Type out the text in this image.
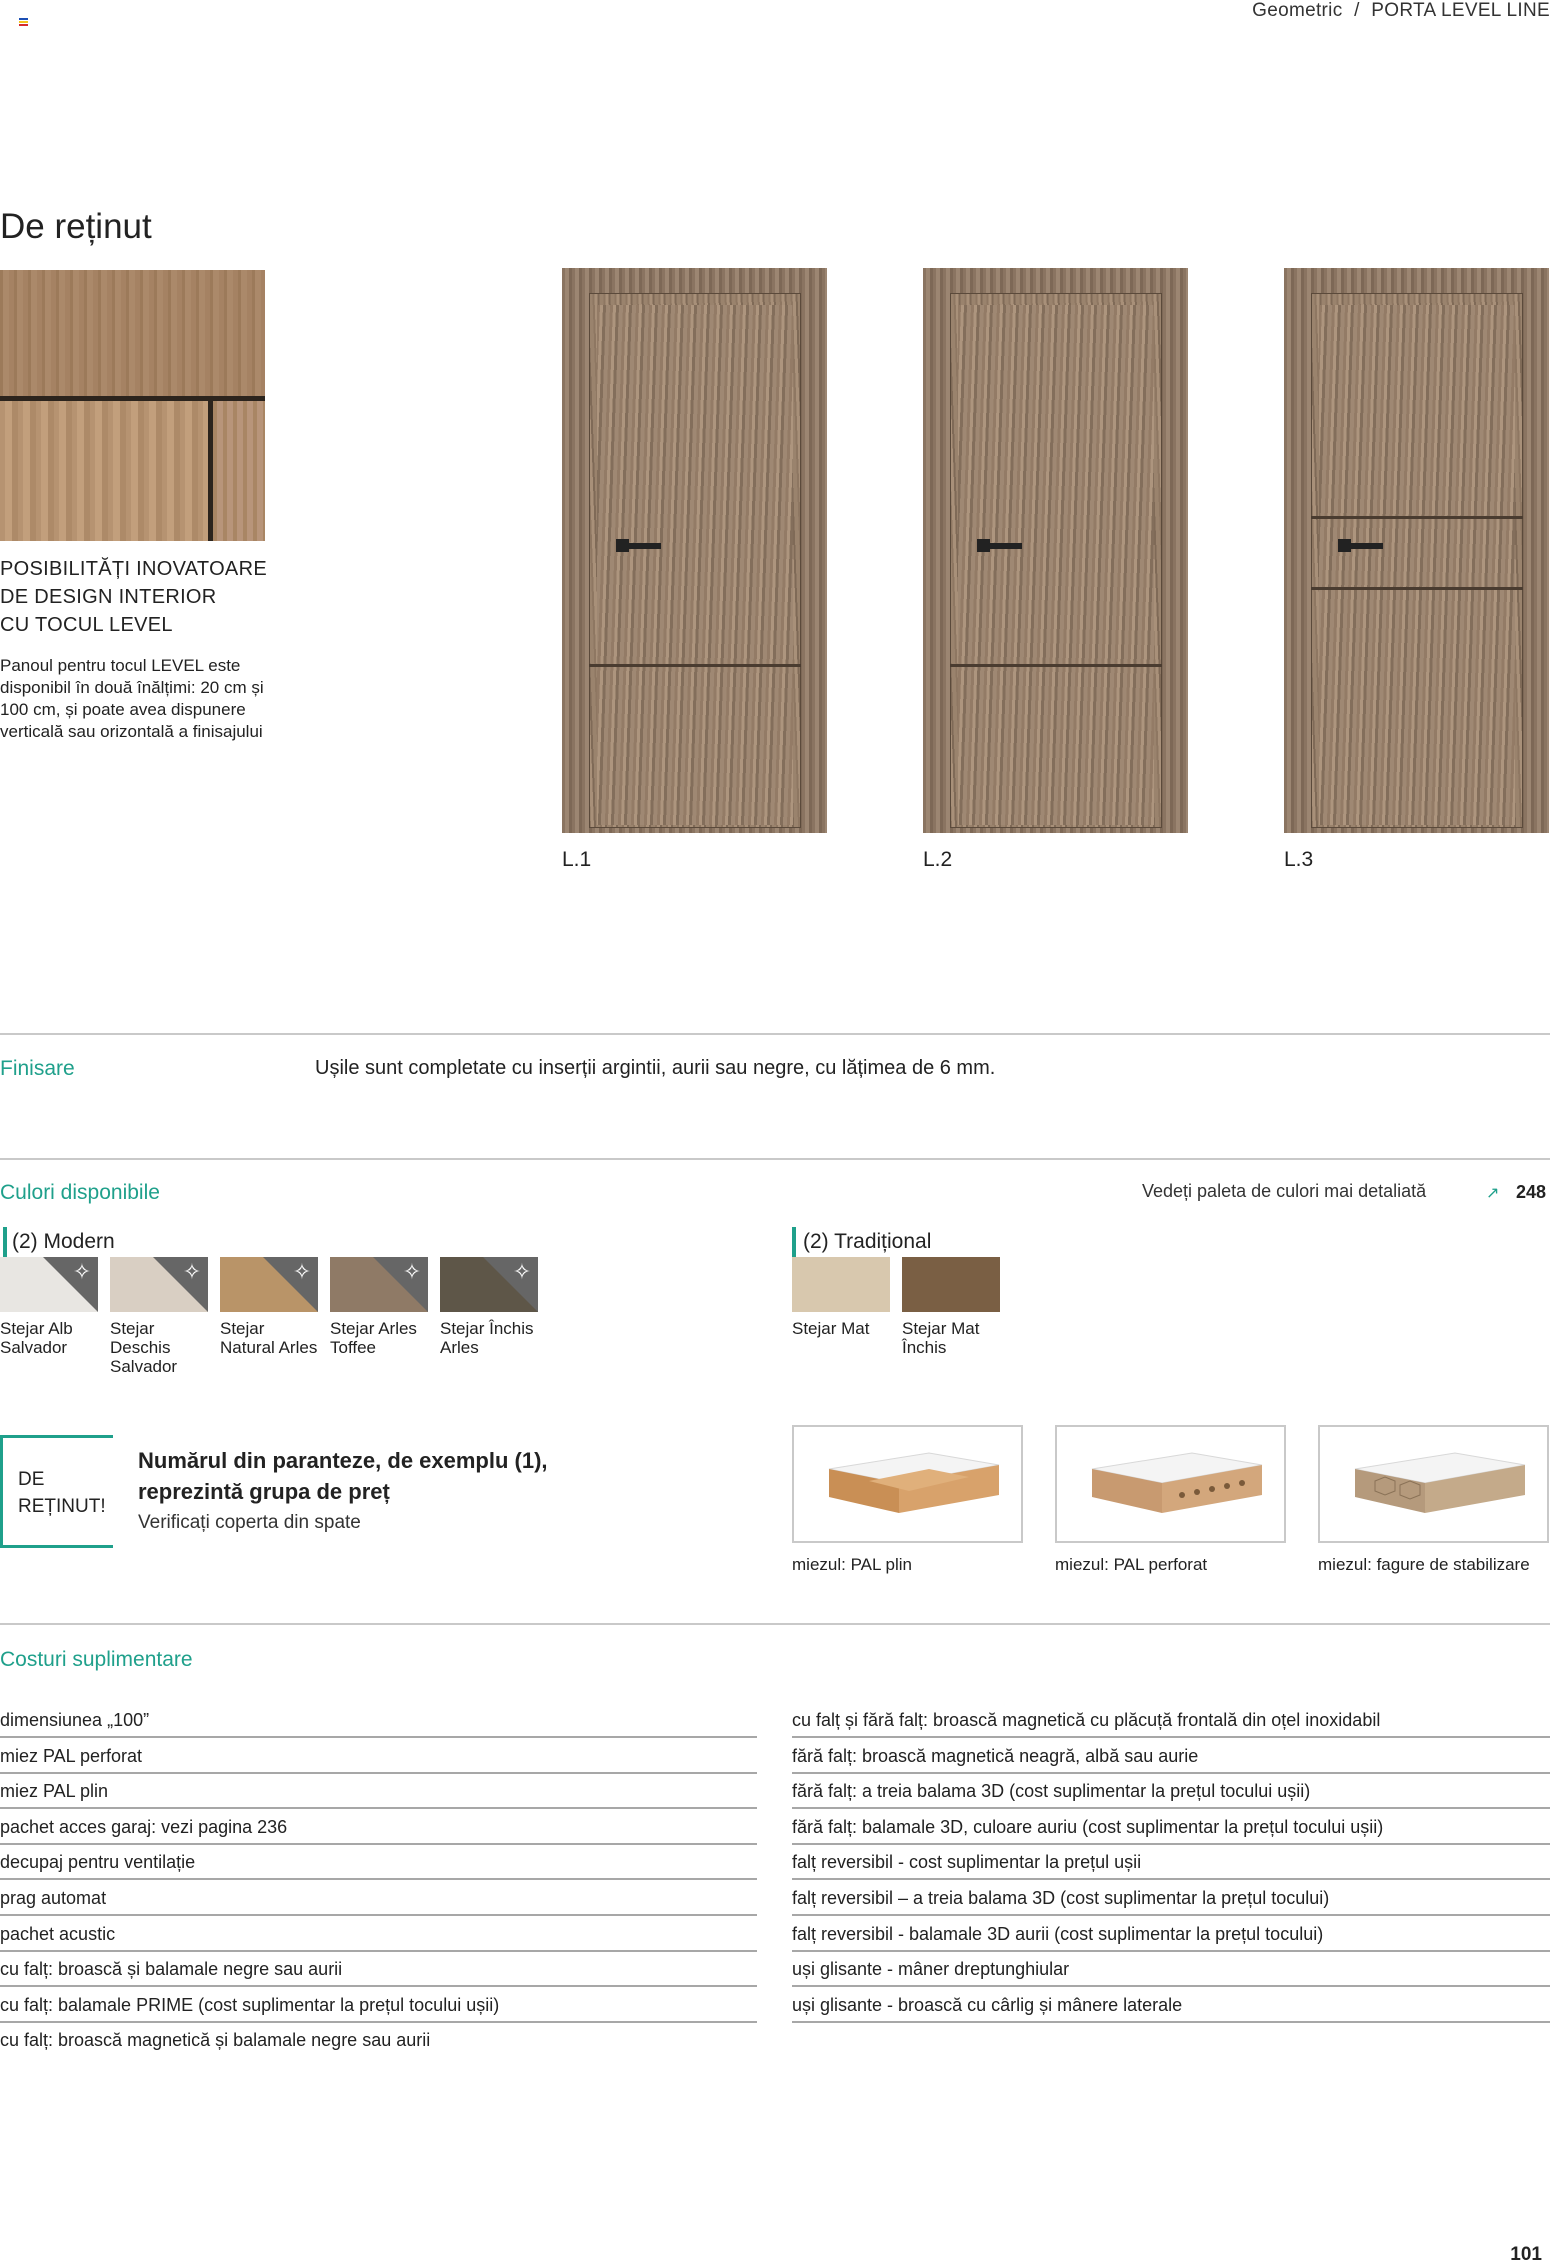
Geometric / PORTA LEVEL LINE
De reținut
POSIBILITĂȚI INOVATOARE
DE DESIGN INTERIOR
CU TOCUL LEVEL
Panoul pentru tocul LEVEL este disponibil în două înălțimi: 20 cm și 100 cm, și poate avea dispunere verticală sau orizontală a finisajului
L.1	L.2	L.3
Finisare	Ușile sunt completate cu inserții argintii, aurii sau negre, cu lățimea de 6 mm.
Culori disponibile	Vedeți paleta de culori mai detaliată	↗ 248
(2) Modern	(2) Tradițional
✧
Stejar Alb Salvador
✧
Stejar Deschis Salvador
✧
Stejar Natural Arles
✧
Stejar Arles Toffee
✧
Stejar Închis Arles
Stejar Mat	Stejar Mat Închis
DE
REȚINUT!
Numărul din paranteze, de exemplu (1),
reprezintă grupa de preț
Verificați coperta din spate
miezul: PAL plin	miezul: PAL perforat	miezul: fagure de stabilizare
Costuri suplimentare
dimensiunea „100”
miez PAL perforat
miez PAL plin
pachet acces garaj: vezi pagina 236
decupaj pentru ventilație
prag automat
pachet acustic
cu falț: broască și balamale negre sau aurii
cu falț: balamale PRIME (cost suplimentar la prețul tocului ușii)
cu falț: broască magnetică și balamale negre sau aurii
cu falț și fără falț: broască magnetică cu plăcuță frontală din oțel inoxidabil
fără falț: broască magnetică neagră, albă sau aurie
fără falț: a treia balama 3D (cost suplimentar la prețul tocului ușii)
fără falț: balamale 3D, culoare auriu (cost suplimentar la prețul tocului ușii)
falț reversibil - cost suplimentar la prețul ușii
falț reversibil – a treia balama 3D (cost suplimentar la prețul tocului)
falț reversibil - balamale 3D aurii (cost suplimentar la prețul tocului)
uși glisante - mâner dreptunghiular
uși glisante - broască cu cârlig și mânere laterale
101
